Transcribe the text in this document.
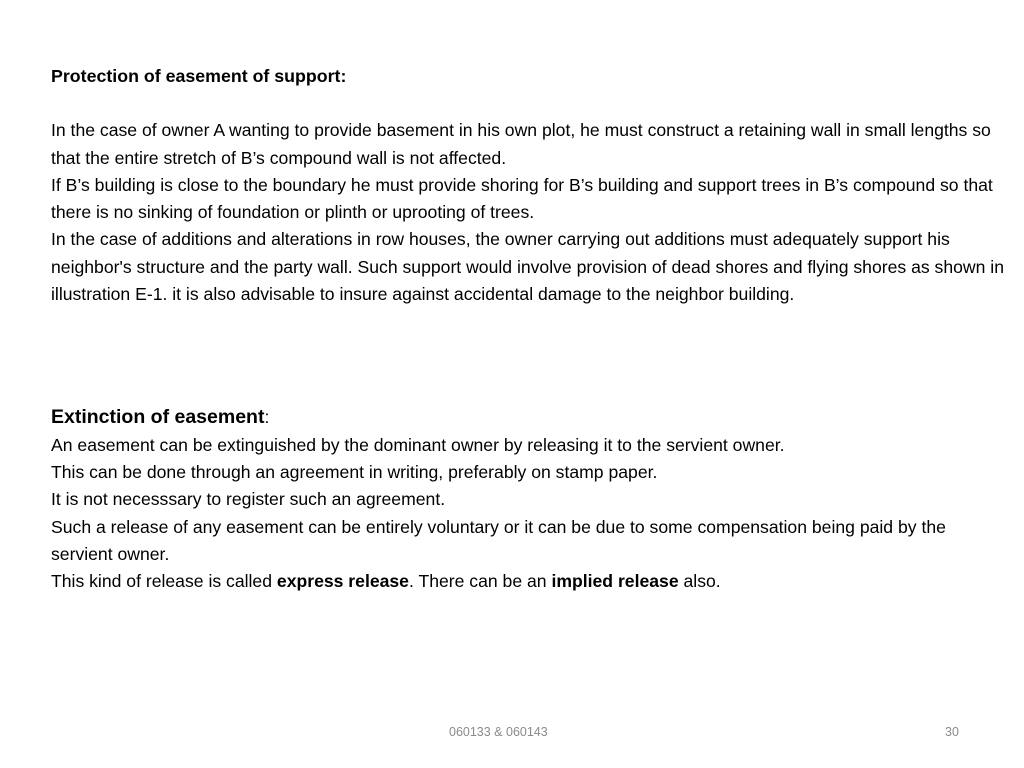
Protection of easement of support:

In the case of owner A wanting to provide basement in his own plot, he must construct a retaining wall in small lengths so that the entire stretch of B’s compound wall is not affected.

If B’s building is close to the boundary he must provide shoring for B’s building and support trees in B’s compound so that there is no sinking of foundation or plinth or uprooting of trees.

In the case of additions and alterations in row houses, the owner carrying out additions must adequately support his neighbor's structure and the party wall. Such support would involve provision of dead shores and flying shores as shown in illustration E-1. it is also advisable to insure against accidental damage to the neighbor building.

Extinction of easement:

An easement can be extinguished by the dominant owner by releasing it to the servient owner.

This can be done through an agreement in writing, preferably on stamp paper.

It is not necesssary to register such an agreement.

Such a release of any easement can be entirely voluntary or it can be due to some compensation being paid by the servient owner.

This kind of release is called express release. There can be an implied release also.

060133 & 060143	30
